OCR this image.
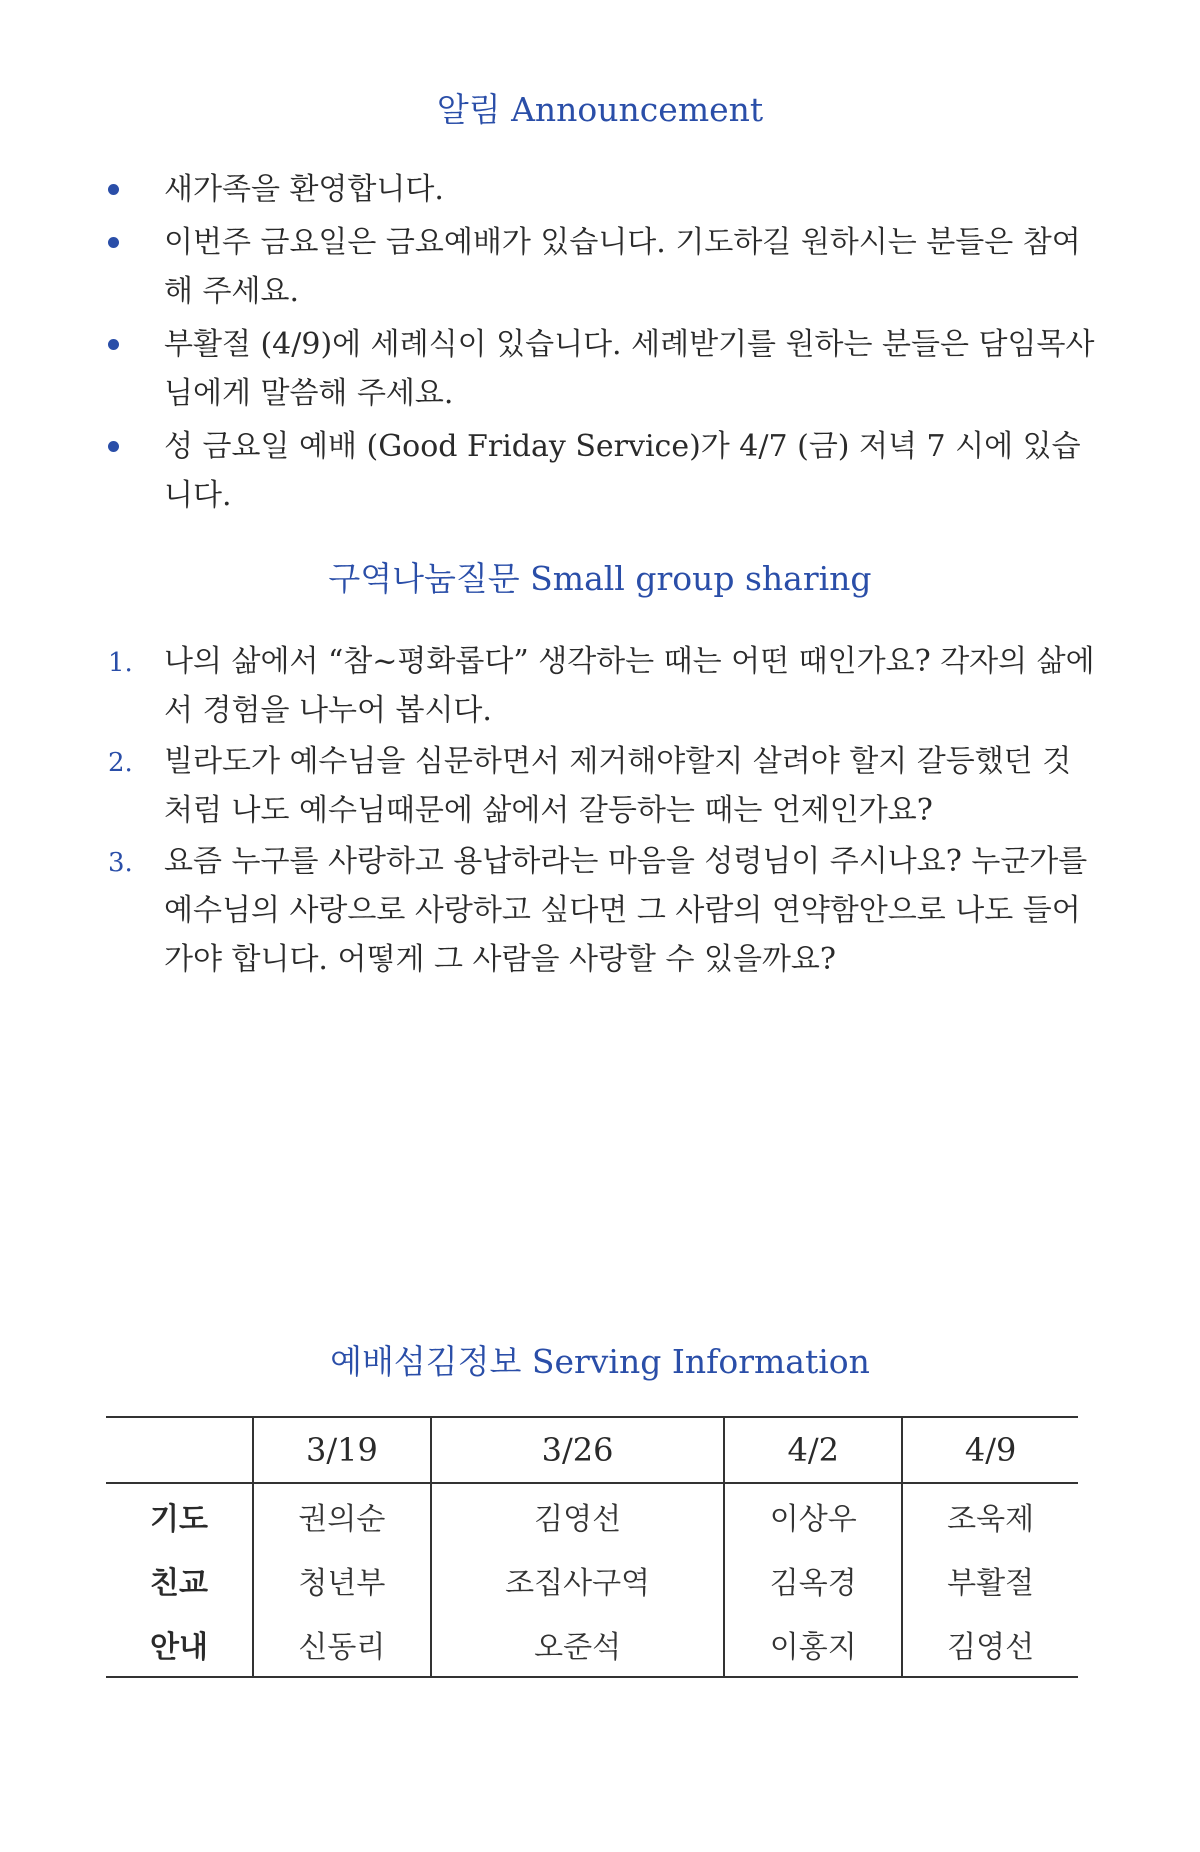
알림 Announcement
새가족을 환영합니다.
이번주 금요일은 금요예배가 있습니다. 기도하길 원하시는 분들은 참여해 주세요.
부활절 (4/9)에 세례식이 있습니다. 세례받기를 원하는 분들은 담임목사님에게 말씀해 주세요.
성 금요일 예배 (Good Friday Service)가 4/7 (금) 저녁 7 시에 있습니다.
구역나눔질문 Small group sharing
1. 나의 삶에서 “참~평화롭다” 생각하는 때는 어떤 때인가요? 각자의 삶에서 경험을 나누어 봅시다.
2. 빌라도가 예수님을 심문하면서 제거해야할지 살려야 할지 갈등했던 것 처럼 나도 예수님때문에 삶에서 갈등하는 때는 언제인가요?
3. 요즘 누구를 사랑하고 용납하라는 마음을 성령님이 주시나요? 누군가를 예수님의 사랑으로 사랑하고 싶다면 그 사람의 연약함안으로 나도 들어가야 합니다. 어떻게 그 사람을 사랑할 수 있을까요?
예배섬김정보 Serving Information
	3/19	3/26	4/2	4/9
기도	권의순	김영선	이상우	조욱제
친교	청년부	조집사구역	김옥경	부활절
안내	신동리	오준석	이홍지	김영선
